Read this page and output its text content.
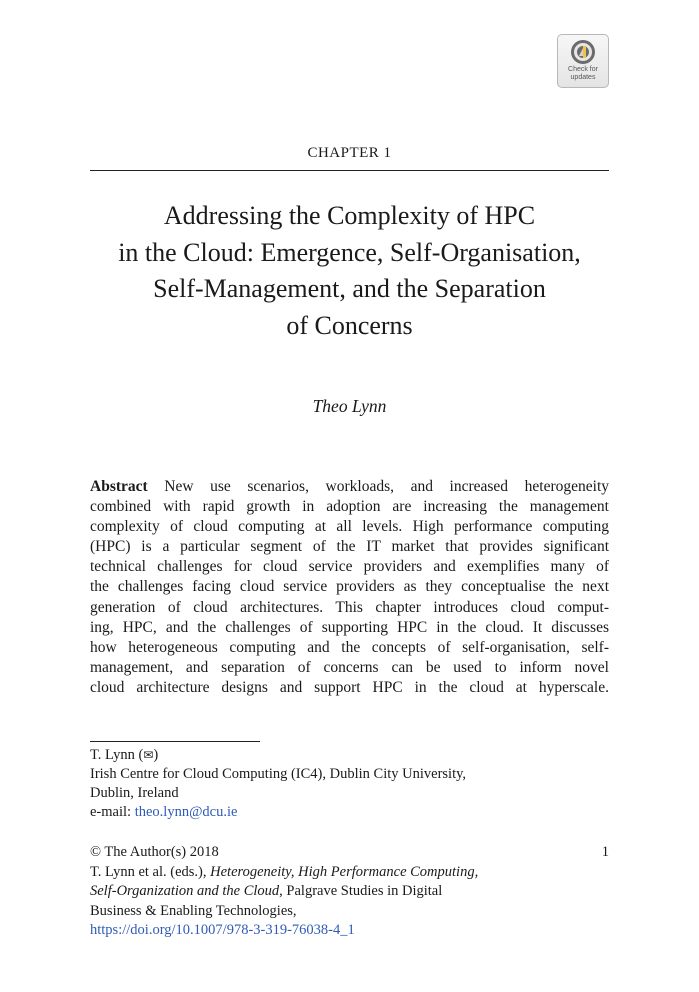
Check for
updates
CHAPTER 1
Addressing the Complexity of HPC
in the Cloud: Emergence, Self-Organisation,
Self-Management, and the Separation
of Concerns
Theo Lynn
Abstract New use scenarios, workloads, and increased heterogeneity
combined with rapid growth in adoption are increasing the management
complexity of cloud computing at all levels. High performance computing
(HPC) is a particular segment of the IT market that provides significant
technical challenges for cloud service providers and exemplifies many of
the challenges facing cloud service providers as they conceptualise the next
generation of cloud architectures. This chapter introduces cloud comput-
ing, HPC, and the challenges of supporting HPC in the cloud. It discusses
how heterogeneous computing and the concepts of self-organisation, self-
management, and separation of concerns can be used to inform novel
cloud architecture designs and support HPC in the cloud at hyperscale.
T. Lynn (✉)
Irish Centre for Cloud Computing (IC4), Dublin City University,
Dublin, Ireland
e-mail: theo.lynn@dcu.ie
© The Author(s) 2018	1
T. Lynn et al. (eds.), Heterogeneity, High Performance Computing,
Self-Organization and the Cloud, Palgrave Studies in Digital
Business & Enabling Technologies,
https://doi.org/10.1007/978-3-319-76038-4_1
